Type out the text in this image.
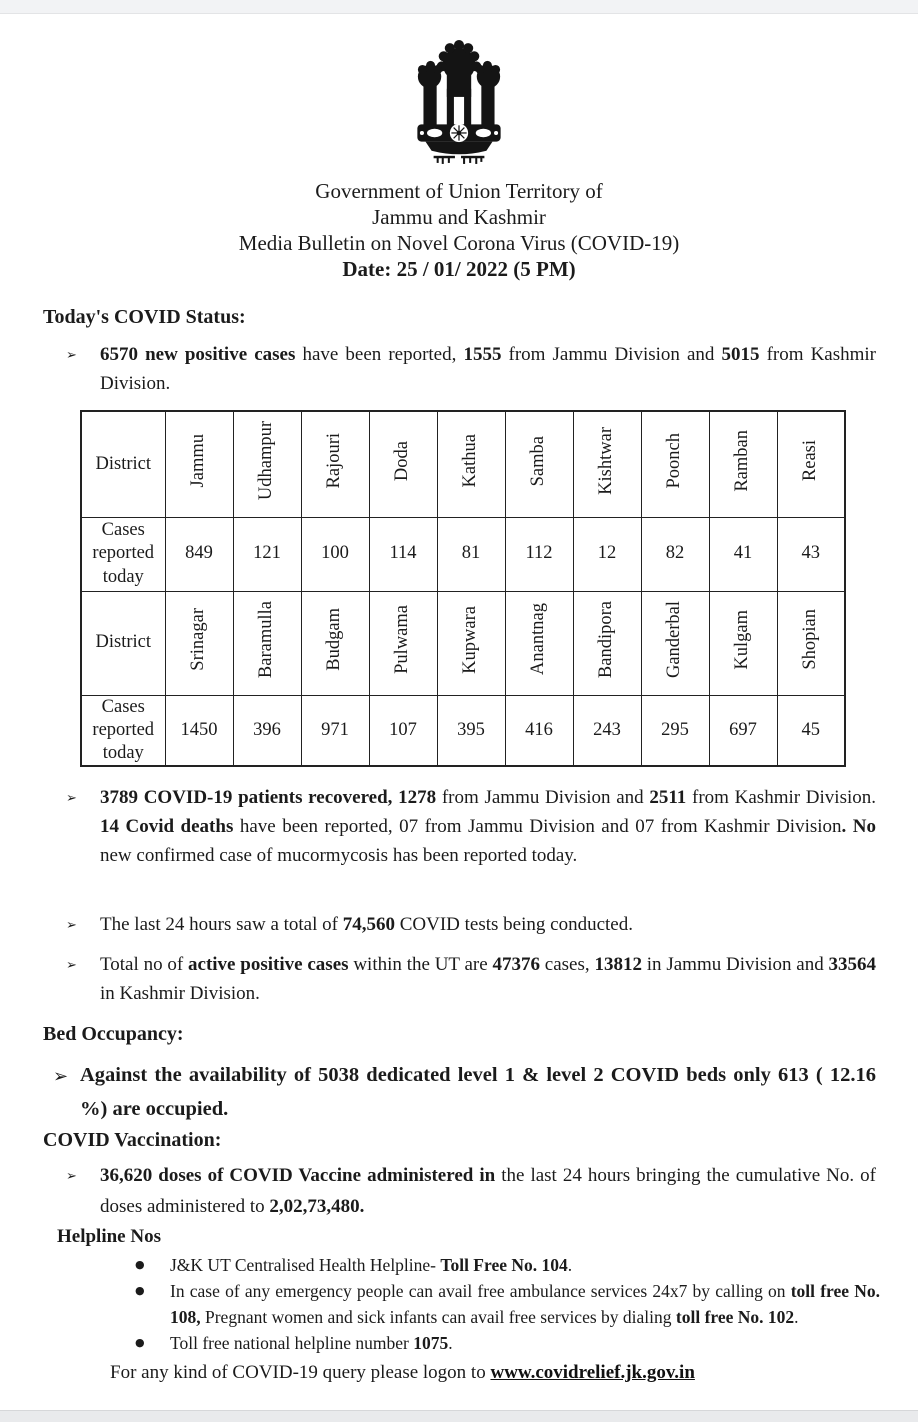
Government of Union Territory of
Jammu and Kashmir
Media Bulletin on Novel Corona Virus (COVID-19)
Date: 25 / 01/ 2022 (5 PM)
Today's COVID Status:
➢ 6570 new positive cases have been reported, 1555 from Jammu Division and 5015 from Kashmir Division.
District	Jammu	Udhampur	Rajouri	Doda	Kathua	Samba	Kishtwar	Poonch	Ramban	Reasi
Cases reported today	849	121	100	114	81	112	12	82	41	43
District	Srinagar	Baramulla	Budgam	Pulwama	Kupwara	Anantnag	Bandipora	Ganderbal	Kulgam	Shopian
Cases reported today	1450	396	971	107	395	416	243	295	697	45
➢ 3789 COVID-19 patients recovered, 1278 from Jammu Division and 2511 from Kashmir Division. 14 Covid deaths have been reported, 07 from Jammu Division and 07 from Kashmir Division. No new confirmed case of mucormycosis has been reported today.
➢ The last 24 hours saw a total of 74,560 COVID tests being conducted.
➢ Total no of active positive cases within the UT are 47376 cases, 13812 in Jammu Division and 33564 in Kashmir Division.
Bed Occupancy:
➢ Against the availability of 5038 dedicated level 1 & level 2 COVID beds only 613 ( 12.16 %) are occupied.
COVID Vaccination:
➢ 36,620 doses of COVID Vaccine administered in the last 24 hours bringing the cumulative No. of doses administered to 2,02,73,480.
Helpline Nos
● J&K UT Centralised Health Helpline- Toll Free No. 104.
● In case of any emergency people can avail free ambulance services 24x7 by calling on toll free No. 108, Pregnant women and sick infants can avail free services by dialing toll free No. 102.
● Toll free national helpline number 1075.
For any kind of COVID-19 query please logon to www.covidrelief.jk.gov.in
